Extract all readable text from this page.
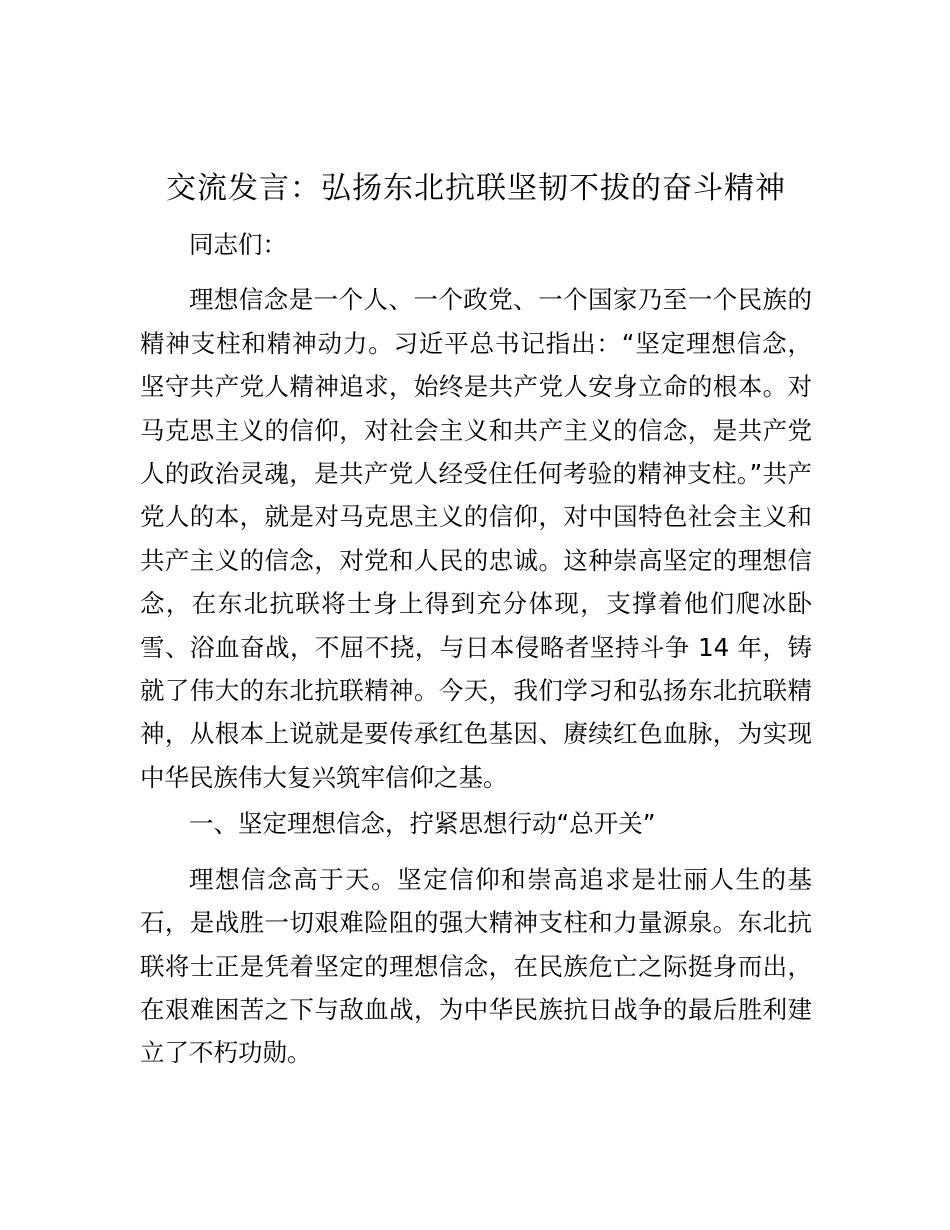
交流发言：弘扬东北抗联坚韧不拔的奋斗精神

同志们：

理想信念是一个人、一个政党、一个国家乃至一个民族的精神支柱和精神动力。习近平总书记指出：“坚定理想信念，坚守共产党人精神追求，始终是共产党人安身立命的根本。对马克思主义的信仰，对社会主义和共产主义的信念，是共产党人的政治灵魂，是共产党人经受住任何考验的精神支柱。”共产党人的本，就是对马克思主义的信仰，对中国特色社会主义和共产主义的信念，对党和人民的忠诚。这种崇高坚定的理想信念，在东北抗联将士身上得到充分体现，支撑着他们爬冰卧雪、浴血奋战，不屈不挠，与日本侵略者坚持斗争 14 年，铸就了伟大的东北抗联精神。今天，我们学习和弘扬东北抗联精神，从根本上说就是要传承红色基因、赓续红色血脉，为实现中华民族伟大复兴筑牢信仰之基。

一、坚定理想信念，拧紧思想行动“总开关”

理想信念高于天。坚定信仰和崇高追求是壮丽人生的基石，是战胜一切艰难险阻的强大精神支柱和力量源泉。东北抗联将士正是凭着坚定的理想信念，在民族危亡之际挺身而出，在艰难困苦之下与敌血战，为中华民族抗日战争的最后胜利建立了不朽功勋。
